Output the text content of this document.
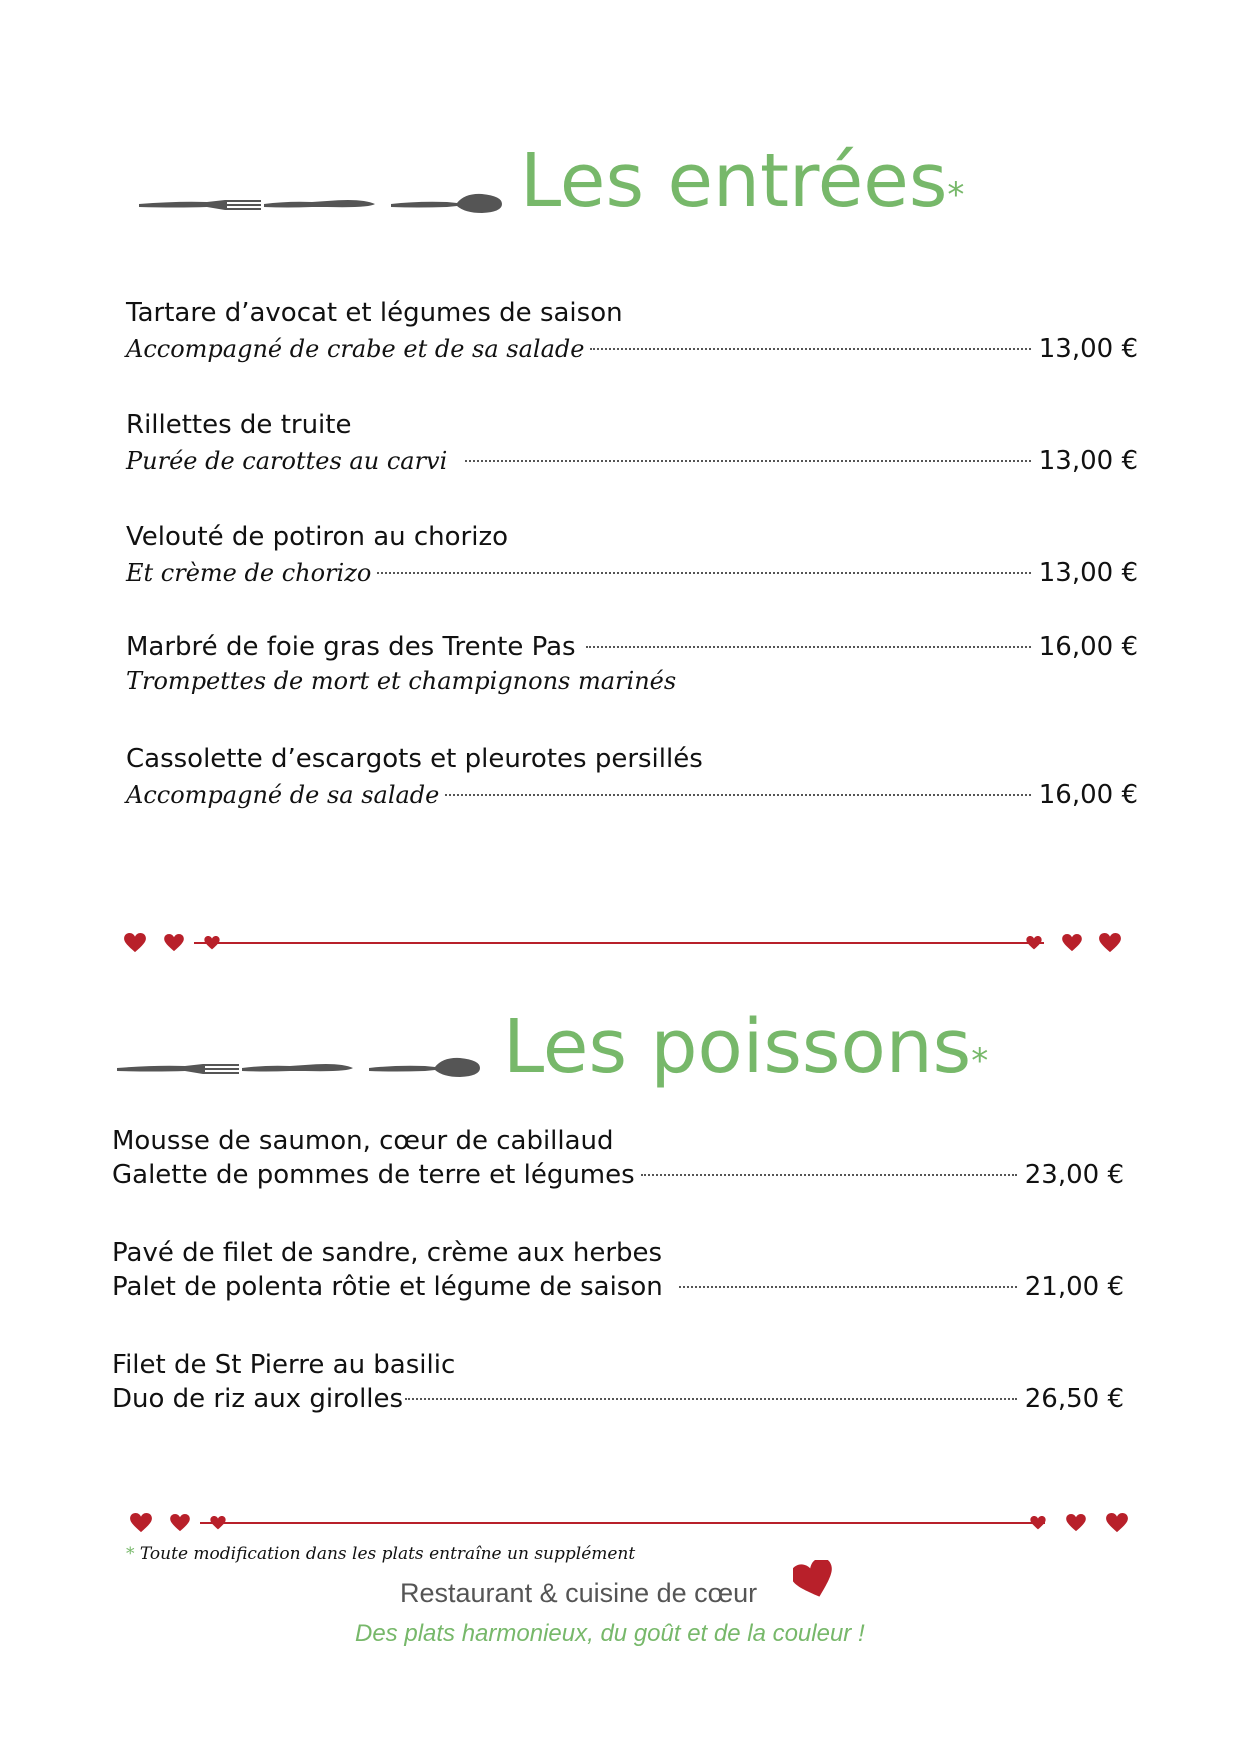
Les entrées*
Tartare d’avocat et légumes de saison
Accompagné de crabe et de sa salade	13,00 €
Rillettes de truite
Purée de carottes au carvi	13,00 €
Velouté de potiron au chorizo
Et crème de chorizo	13,00 €
Marbré de foie gras des Trente Pas	16,00 €
Trompettes de mort et champignons marinés
Cassolette d’escargots et pleurotes persillés
Accompagné de sa salade	16,00 €
Les poissons*
Mousse de saumon, cœur de cabillaud
Galette de pommes de terre et légumes	23,00 €
Pavé de filet de sandre, crème aux herbes
Palet de polenta rôtie et légume de saison	21,00 €
Filet de St Pierre au basilic
Duo de riz aux girolles	26,50 €
* Toute modification dans les plats entraîne un supplément
Restaurant & cuisine de cœur
Des plats harmonieux, du goût et de la couleur !
